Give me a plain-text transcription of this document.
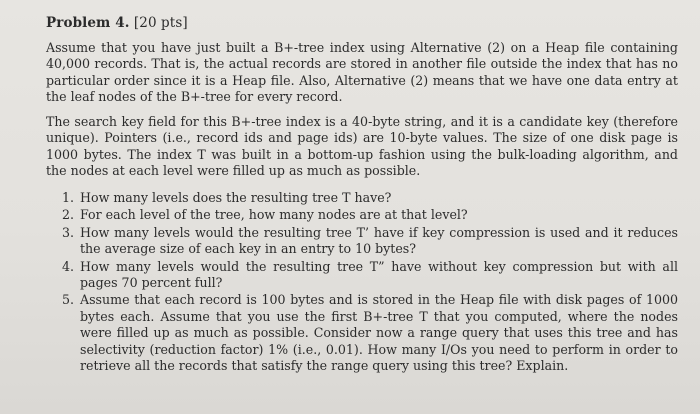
Problem 4. [20 pts]

Assume that you have just built a B+-tree index using Alternative (2) on a Heap file containing 40,000 records. That is, the actual records are stored in another file outside the index that has no particular order since it is a Heap file. Also, Alternative (2) means that we have one data entry at the leaf nodes of the B+-tree for every record.

The search key field for this B+-tree index is a 40-byte string, and it is a candidate key (therefore unique). Pointers (i.e., record ids and page ids) are 10-byte values. The size of one disk page is 1000 bytes. The index T was built in a bottom-up fashion using the bulk-loading algorithm, and the nodes at each level were filled up as much as possible.

1. How many levels does the resulting tree T have?
2. For each level of the tree, how many nodes are at that level?
3. How many levels would the resulting tree T’ have if key compression is used and it reduces the average size of each key in an entry to 10 bytes?
4. How many levels would the resulting tree T” have without key compression but with all pages 70 percent full?
5. Assume that each record is 100 bytes and is stored in the Heap file with disk pages of 1000 bytes each. Assume that you use the first B+-tree T that you computed, where the nodes were filled up as much as possible. Consider now a range query that uses this tree and has selectivity (reduction factor) 1% (i.e., 0.01). How many I/Os you need to perform in order to retrieve all the records that satisfy the range query using this tree? Explain.
